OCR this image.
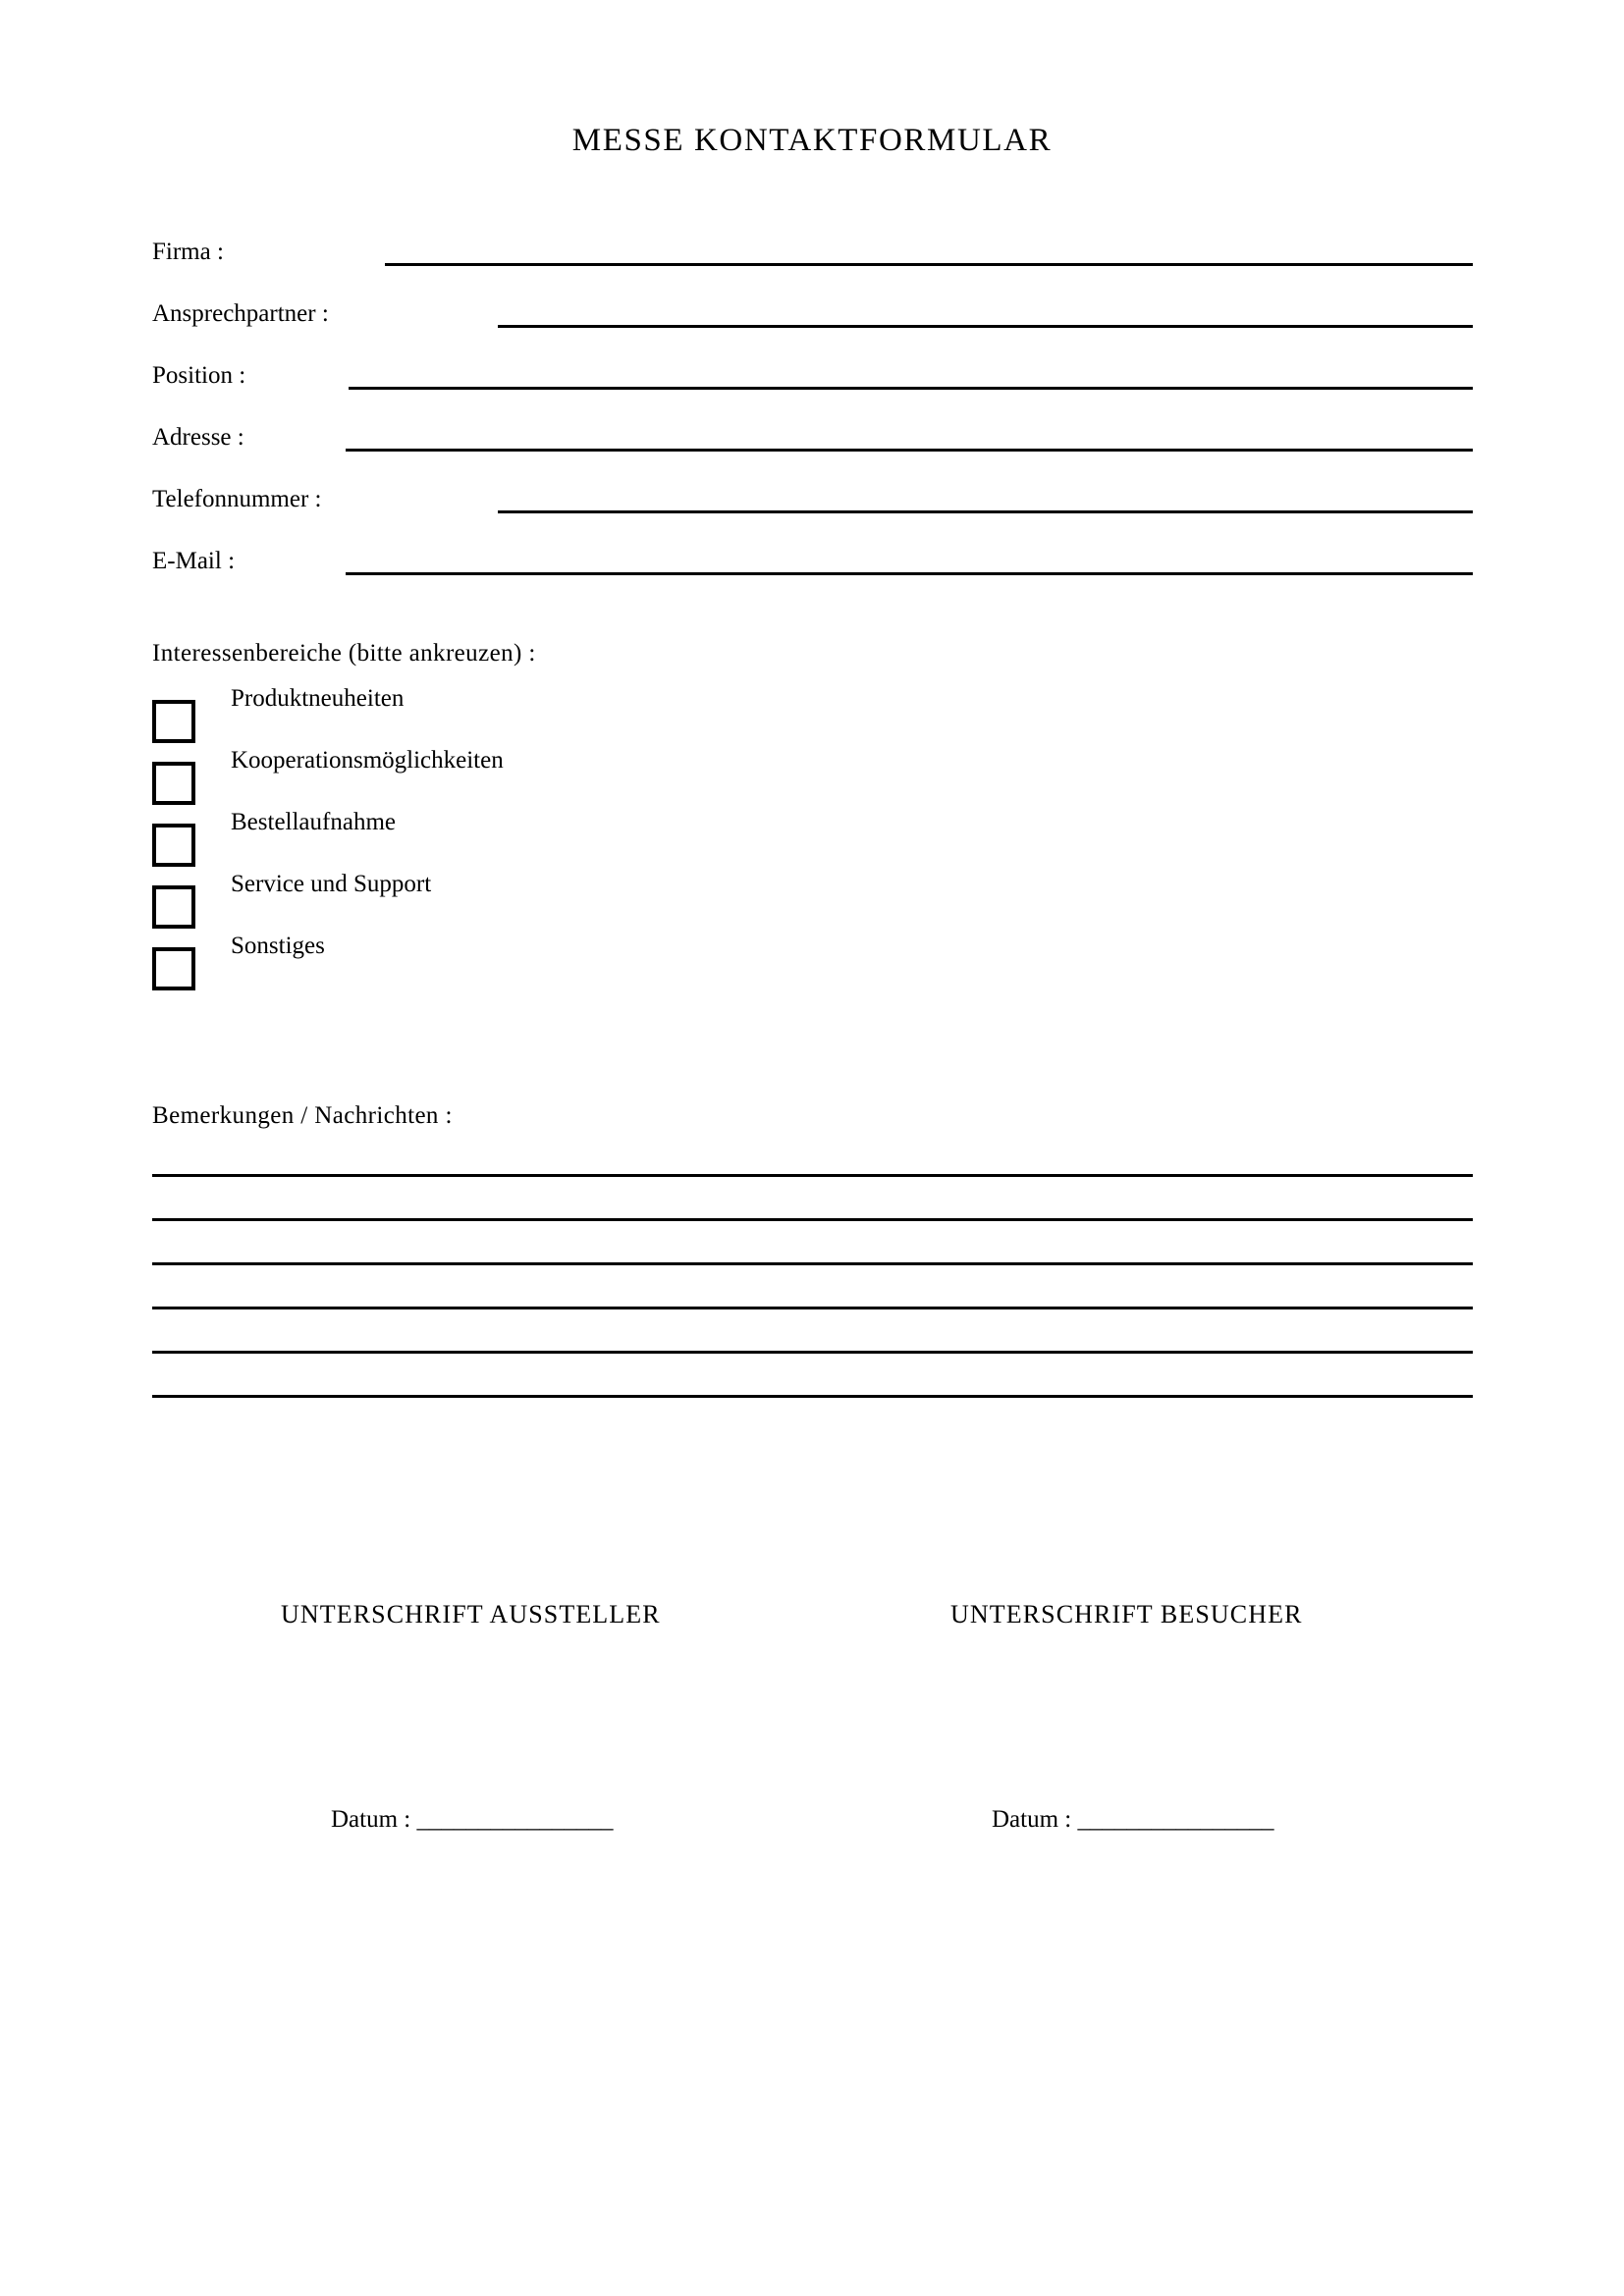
MESSE KONTAKTFORMULAR
Firma :
Ansprechpartner :
Position :
Adresse :
Telefonnummer :
E-Mail :
Interessenbereiche (bitte ankreuzen) :
Produktneuheiten
Kooperationsmöglichkeiten
Bestellaufnahme
Service und Support
Sonstiges
Bemerkungen / Nachrichten :
UNTERSCHRIFT AUSSTELLER	UNTERSCHRIFT BESUCHER
Datum : ________________	Datum : ________________
